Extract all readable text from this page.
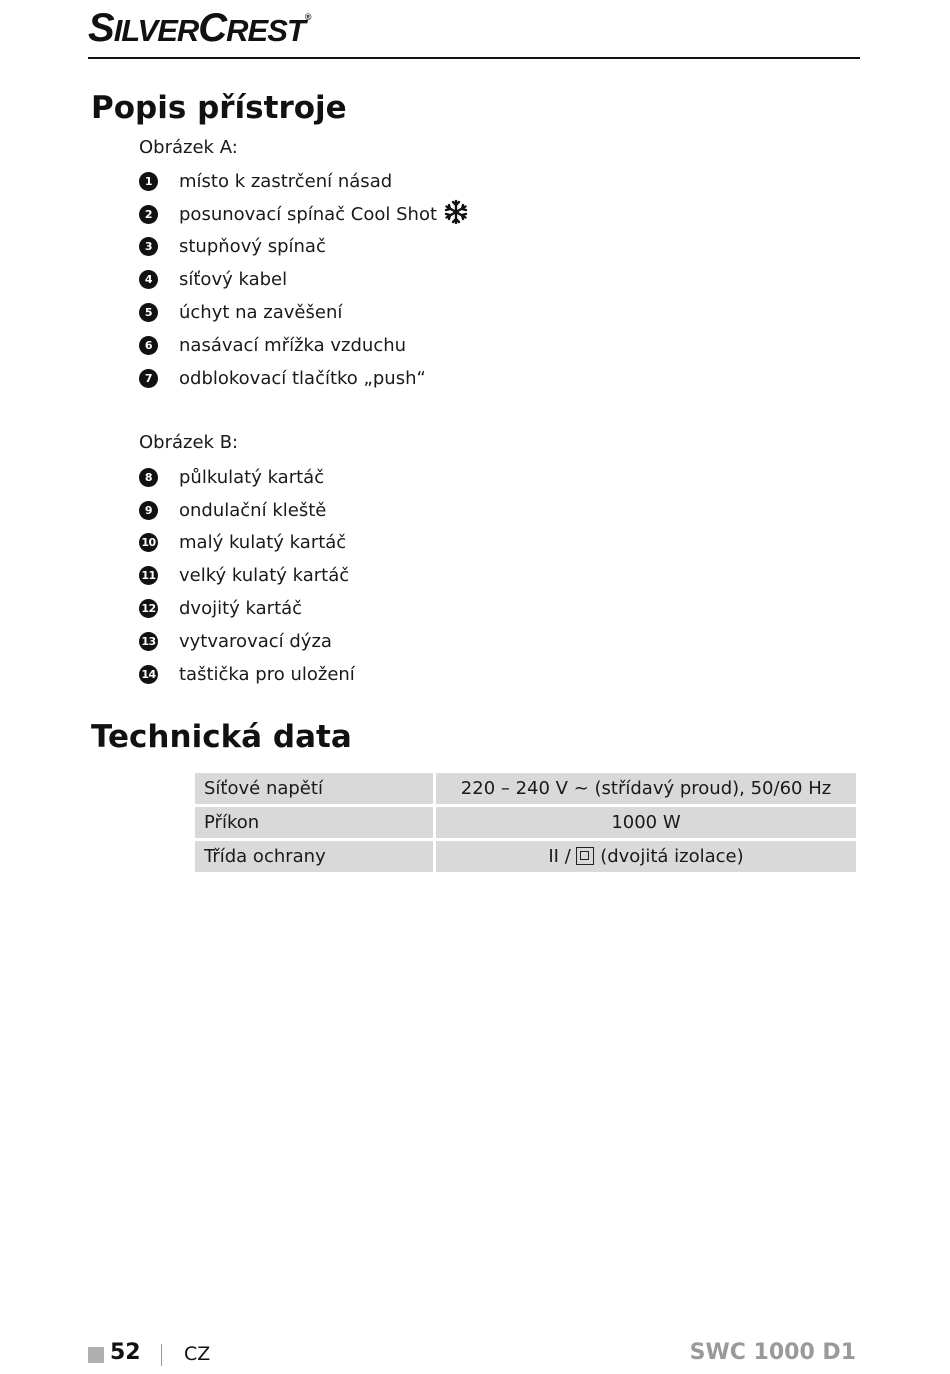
SILVERCREST®
Popis přístroje

Obrázek A:

1	místo k zastrčení násad
2	posunovací spínač Cool Shot
3	stupňový spínač
4	síťový kabel
5	úchyt na zavěšení
6	nasávací mřížka vzduchu
7	odblokovací tlačítko „push“

Obrázek B:

8	půlkulatý kartáč
9	ondulační kleště
10 malý kulatý kartáč
11 velký kulatý kartáč
12 dvojitý kartáč
13 vytvarovací dýza
14 taštička pro uložení
Technická data
Síťové napětí	220 – 240 V ~ (střídavý proud), 50/60 Hz
Příkon	1000 W
Třída ochrany	II /  (dvojitá izolace)
52 CZ	SWC 1000 D1
